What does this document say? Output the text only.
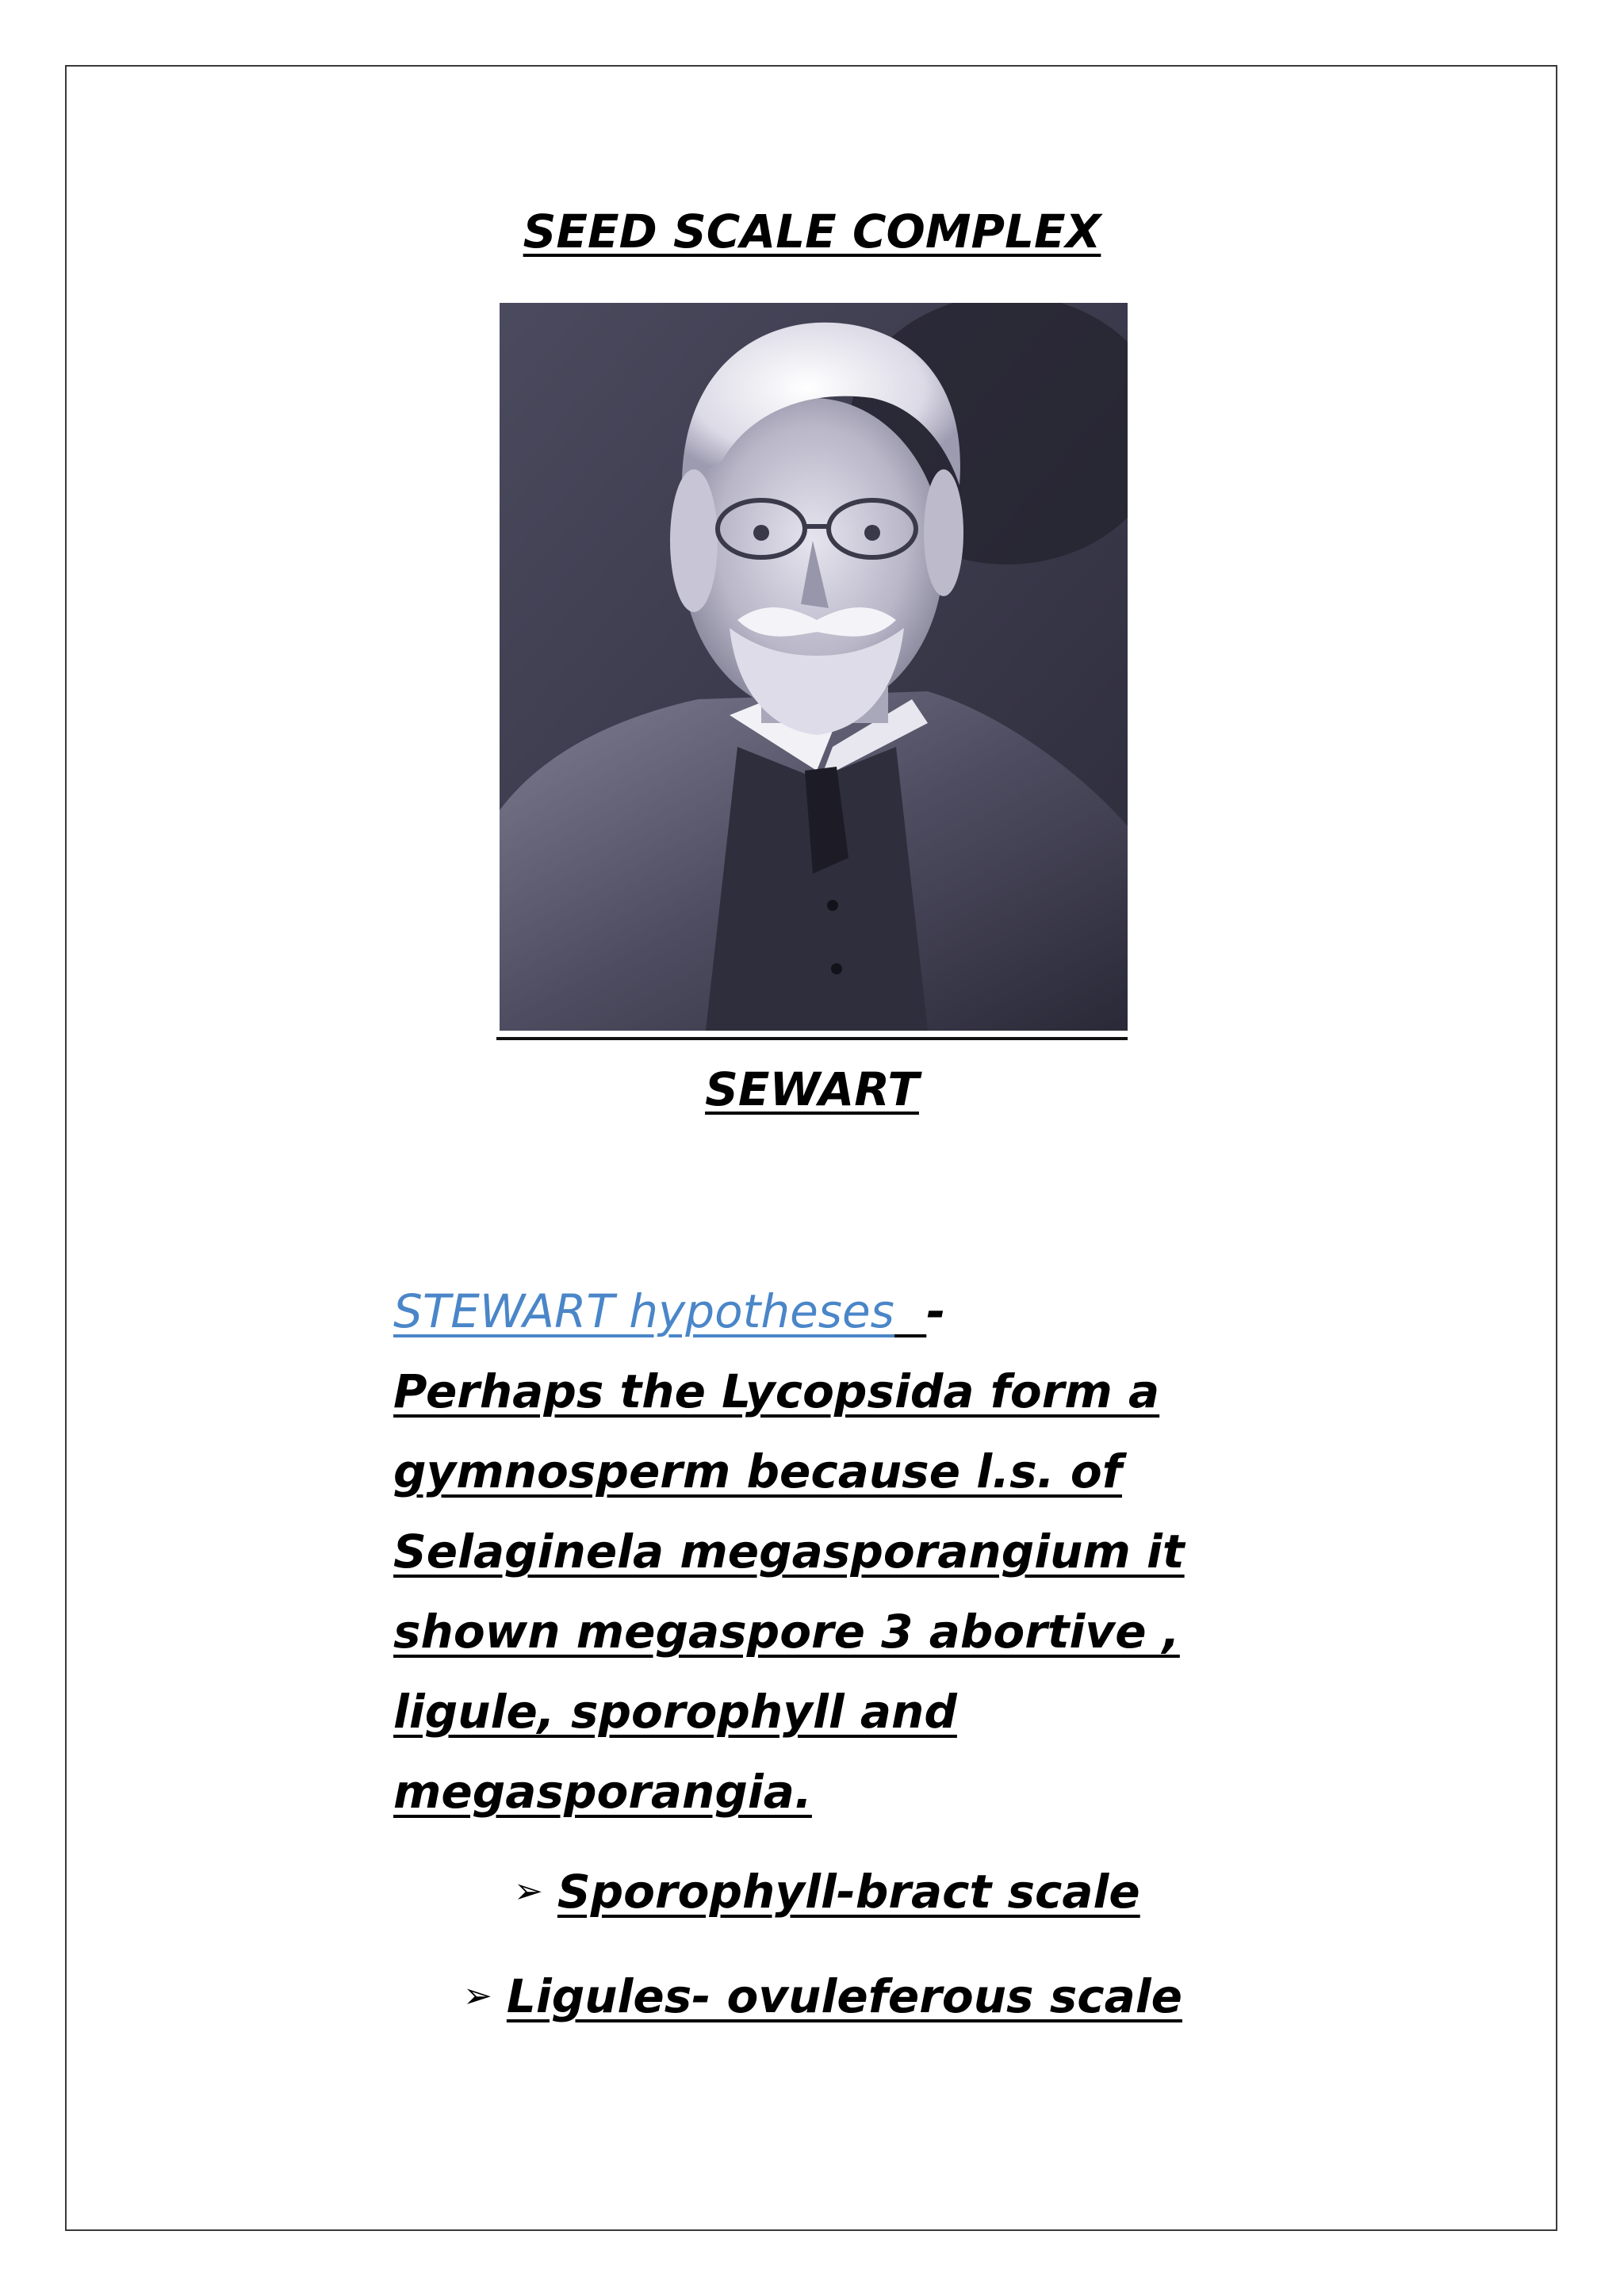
SEED SCALE COMPLEX
SEWART
STEWART hypotheses -
Perhaps the Lycopsida form a
gymnosperm because l.s. of
Selaginela megasporangium it
shown megaspore 3 abortive ,
ligule, sporophyll and
megasporangia.
➢ Sporophyll-bract scale
➢ Ligules- ovuleferous scale
